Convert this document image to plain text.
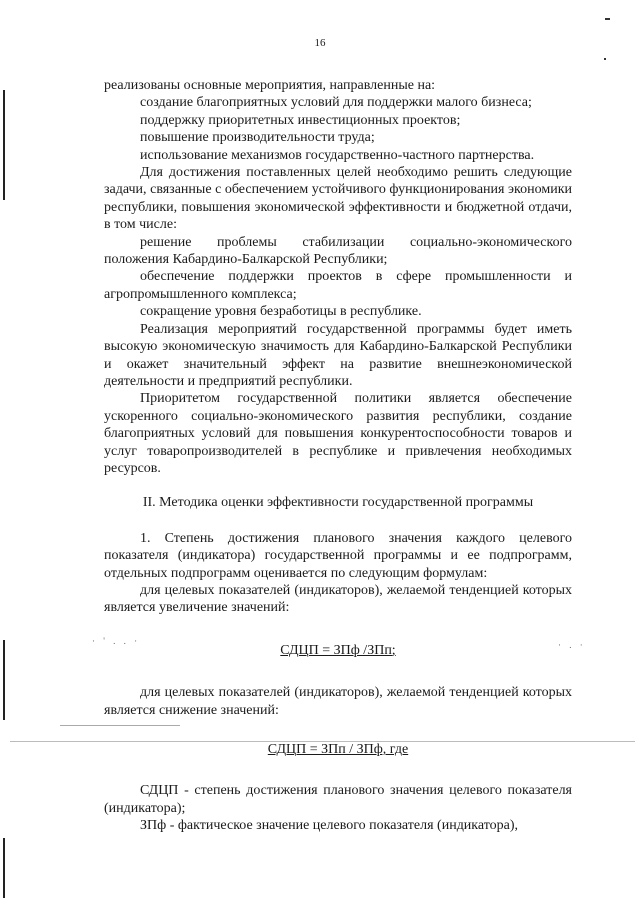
16

реализованы основные мероприятия, направленные на:

создание благоприятных условий для поддержки малого бизнеса;

поддержку приоритетных инвестиционных проектов;

повышение производительности труда;

использование механизмов государственно-частного партнерства.

Для достижения поставленных целей необходимо решить следующие задачи, связанные с обеспечением устойчивого функционирования экономики республики, повышения экономической эффективности и бюджетной отдачи, в том числе:

решение проблемы стабилизации социально-экономического положения Кабардино-Балкарской Республики;

обеспечение поддержки проектов в сфере промышленности и агропромышленного комплекса;

сокращение уровня безработицы в республике.

Реализация мероприятий государственной программы будет иметь высокую экономическую значимость для Кабардино-Балкарской Республики и окажет значительный эффект на развитие внешнеэкономической деятельности и предприятий республики.

Приоритетом государственной политики является обеспечение ускоренного социально-экономического развития республики, создание благоприятных условий для повышения конкурентоспособности товаров и услуг товаропроизводителей в республике и привлечения необходимых ресурсов.

II. Методика оценки эффективности государственной программы

1. Степень достижения планового значения каждого целевого показателя (индикатора) государственной программы и ее подпрограмм, отдельных подпрограмм оценивается по следующим формулам:

для целевых показателей (индикаторов), желаемой тенденцией которых является увеличение значений:

СДЦП = ЗПф /ЗПп;

для целевых показателей (индикаторов), желаемой тенденцией которых является снижение значений:

СДЦП = ЗПп / ЗПф, где

СДЦП - степень достижения планового значения целевого показателя (индикатора);

ЗПф - фактическое значение целевого показателя (индикатора),

· ' . . ·	· . ·
